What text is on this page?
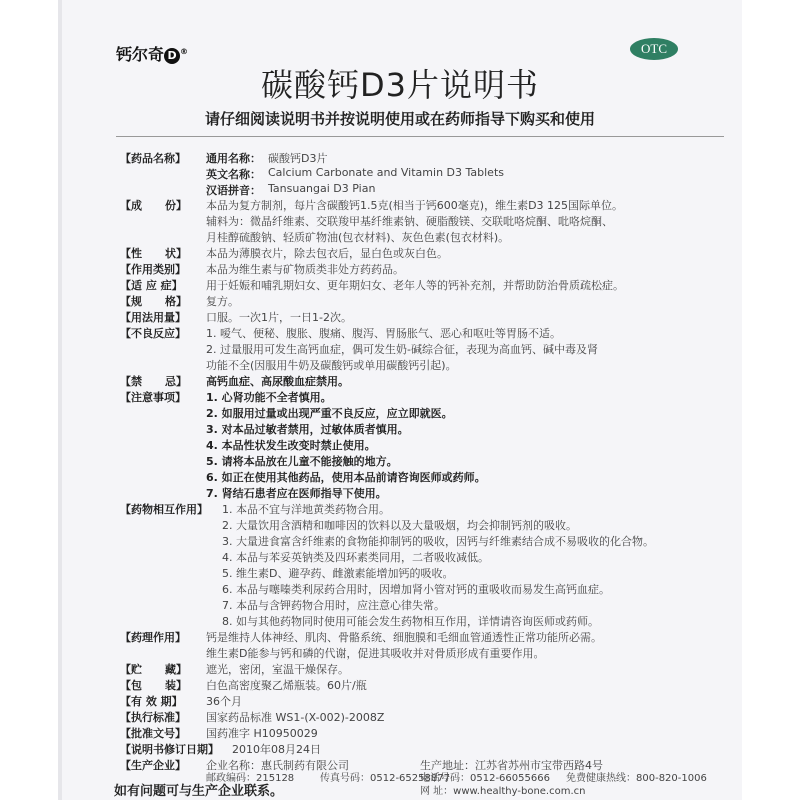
钙尔奇 D ®	OTC
碳酸钙D3片说明书
请仔细阅读说明书并按说明使用或在药师指导下购买和使用
【药品名称】 通用名称： 碳酸钙D3片
英文名称： Calcium Carbonate and Vitamin D3 Tablets
汉语拼音： Tansuangai D3 Pian
【成      份】 本品为复方制剂，每片含碳酸钙1.5克(相当于钙600毫克)，维生素D3 125国际单位。
辅料为：微晶纤维素、交联羧甲基纤维素钠、硬脂酸镁、交联吡咯烷酮、吡咯烷酮、
月桂醇硫酸钠、轻质矿物油(包衣材料)、灰色色素(包衣材料)。
【性      状】 本品为薄膜衣片，除去包衣后，显白色或灰白色。
【作用类别】 本品为维生素与矿物质类非处方药药品。
【适 应 症】 用于妊娠和哺乳期妇女、更年期妇女、老年人等的钙补充剂，并帮助防治骨质疏松症。
【规      格】 复方。
【用法用量】 口服。一次1片，一日1-2次。
【不良反应】 1. 嗳气、便秘、腹胀、腹痛、腹泻、胃肠胀气、恶心和呕吐等胃肠不适。
2. 过量服用可发生高钙血症，偶可发生奶-碱综合征，表现为高血钙、碱中毒及肾
功能不全(因服用牛奶及碳酸钙或单用碳酸钙引起)。
【禁      忌】 高钙血症、高尿酸血症禁用。
【注意事项】 1. 心肾功能不全者慎用。
2. 如服用过量或出现严重不良反应，应立即就医。
3. 对本品过敏者禁用，过敏体质者慎用。
4. 本品性状发生改变时禁止使用。
5. 请将本品放在儿童不能接触的地方。
6. 如正在使用其他药品，使用本品前请咨询医师或药师。
7. 肾结石患者应在医师指导下使用。
【药物相互作用】 1. 本品不宜与洋地黄类药物合用。
2. 大量饮用含酒精和咖啡因的饮料以及大量吸烟，均会抑制钙剂的吸收。
3. 大量进食富含纤维素的食物能抑制钙的吸收，因钙与纤维素结合成不易吸收的化合物。
4. 本品与苯妥英钠类及四环素类同用，二者吸收减低。
5. 维生素D、避孕药、雌激素能增加钙的吸收。
6. 本品与噻嗪类利尿药合用时，因增加肾小管对钙的重吸收而易发生高钙血症。
7. 本品与含钾药物合用时，应注意心律失常。
8. 如与其他药物同时使用可能会发生药物相互作用，详情请咨询医师或药师。
【药理作用】 钙是维持人体神经、肌肉、骨骼系统、细胞膜和毛细血管通透性正常功能所必需。
维生素D能参与钙和磷的代谢，促进其吸收并对骨质形成有重要作用。
【贮      藏】 遮光，密闭，室温干燥保存。
【包      装】 白色高密度聚乙烯瓶装。60片/瓶
【有 效 期】 36个月
【执行标准】 国家药品标准 WS1-(X-002)-2008Z
【批准文号】 国药准字 H10950029
【说明书修订日期】 2010年08月24日
【生产企业】 企业名称：惠氏制药有限公司	生产地址：江苏省苏州市宝带西路4号
邮政编码：215128	电话号码：0512-66055666
传真号码：0512-65258877	免费健康热线：800-820-1006
网 址：www.healthy-bone.com.cn
如有问题可与生产企业联系。
